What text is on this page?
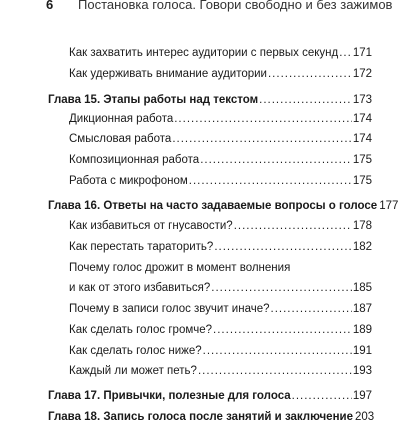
6 Постановка голоса. Говори свободно и без зажимов
Как захватить интерес аудитории с первых секунд ..... 171
Как удерживать внимание аудитории .....	172
Глава 15. Этапы работы над текстом .....	173
Дикционная работа .....	174
Смысловая работа .....	174
Композиционная работа .....	175
Работа с микрофоном .....	175
Глава 16. Ответы на часто задаваемые вопросы о голосе 177
Как избавиться от гнусавости? .....	178
Как перестать тараторить? .....	182
Почему голос дрожит в момент волнения
и как от этого избавиться? .....	185
Почему в записи голос звучит иначе? .....	187
Как сделать голос громче? .....	189
Как сделать голос ниже? .....	191
Каждый ли может петь? .....	193
Глава 17. Привычки, полезные для голоса .....	197
Глава 18. Запись голоса после занятий и заключение 203
